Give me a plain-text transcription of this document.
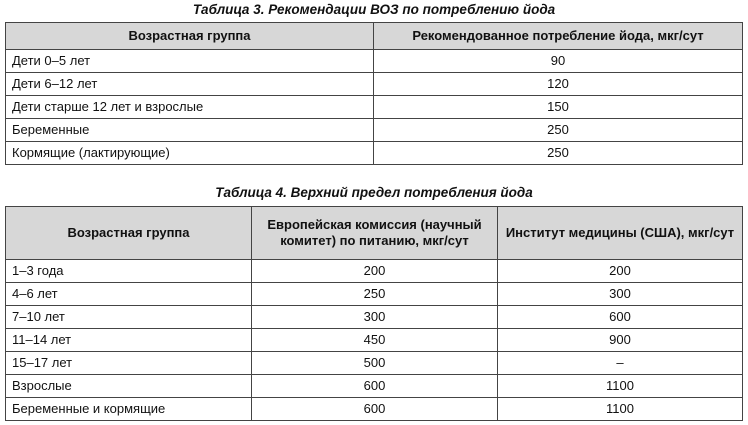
Таблица 3. Рекомендации ВОЗ по потреблению йода
Возрастная группа	Рекомендованное потребление йода, мкг/сут
Дети 0–5 лет	90
Дети 6–12 лет	120
Дети старше 12 лет и взрослые	150
Беременные	250
Кормящие (лактирующие)	250
Таблица 4. Верхний предел потребления йода
Возрастная группа	Европейская комиссия (научный комитет) по питанию, мкг/сут	Институт медицины (США), мкг/сут
1–3 года	200	200
4–6 лет	250	300
7–10 лет	300	600
11–14 лет	450	900
15–17 лет	500	–
Взрослые	600	1100
Беременные и кормящие	600	1100
